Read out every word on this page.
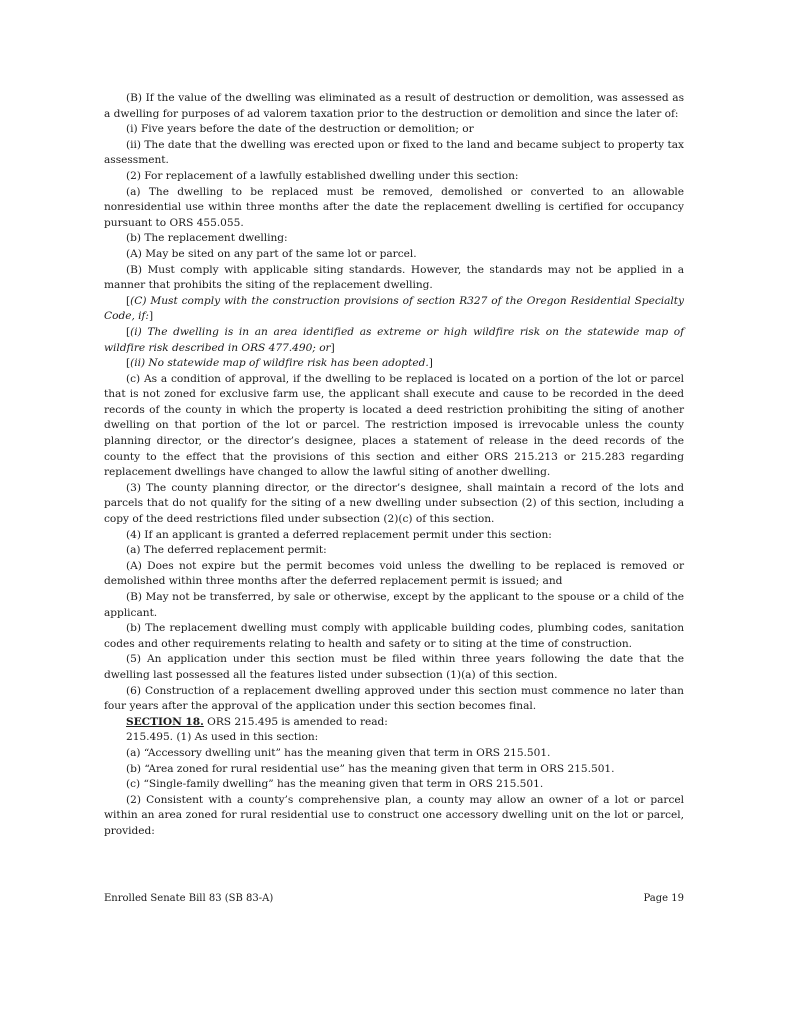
(B) If the value of the dwelling was eliminated as a result of destruction or demolition, was assessed as a dwelling for purposes of ad valorem taxation prior to the destruction or demolition and since the later of:

(i) Five years before the date of the destruction or demolition; or

(ii) The date that the dwelling was erected upon or fixed to the land and became subject to property tax assessment.

(2) For replacement of a lawfully established dwelling under this section:

(a) The dwelling to be replaced must be removed, demolished or converted to an allowable nonresidential use within three months after the date the replacement dwelling is certified for occupancy pursuant to ORS 455.055.

(b) The replacement dwelling:

(A) May be sited on any part of the same lot or parcel.

(B) Must comply with applicable siting standards. However, the standards may not be applied in a manner that prohibits the siting of the replacement dwelling.

[(C) Must comply with the construction provisions of section R327 of the Oregon Residential Specialty Code, if:]

[(i) The dwelling is in an area identified as extreme or high wildfire risk on the statewide map of wildfire risk described in ORS 477.490; or]

[(ii) No statewide map of wildfire risk has been adopted.]

(c) As a condition of approval, if the dwelling to be replaced is located on a portion of the lot or parcel that is not zoned for exclusive farm use, the applicant shall execute and cause to be recorded in the deed records of the county in which the property is located a deed restriction prohibiting the siting of another dwelling on that portion of the lot or parcel. The restriction imposed is irrevocable unless the county planning director, or the director’s designee, places a statement of release in the deed records of the county to the effect that the provisions of this section and either ORS 215.213 or 215.283 regarding replacement dwellings have changed to allow the lawful siting of another dwelling.

(3) The county planning director, or the director’s designee, shall maintain a record of the lots and parcels that do not qualify for the siting of a new dwelling under subsection (2) of this section, including a copy of the deed restrictions filed under subsection (2)(c) of this section.

(4) If an applicant is granted a deferred replacement permit under this section:

(a) The deferred replacement permit:

(A) Does not expire but the permit becomes void unless the dwelling to be replaced is removed or demolished within three months after the deferred replacement permit is issued; and

(B) May not be transferred, by sale or otherwise, except by the applicant to the spouse or a child of the applicant.

(b) The replacement dwelling must comply with applicable building codes, plumbing codes, sanitation codes and other requirements relating to health and safety or to siting at the time of construction.

(5) An application under this section must be filed within three years following the date that the dwelling last possessed all the features listed under subsection (1)(a) of this section.

(6) Construction of a replacement dwelling approved under this section must commence no later than four years after the approval of the application under this section becomes final.

SECTION 18. ORS 215.495 is amended to read:

215.495. (1) As used in this section:

(a) “Accessory dwelling unit” has the meaning given that term in ORS 215.501.

(b) “Area zoned for rural residential use” has the meaning given that term in ORS 215.501.

(c) “Single-family dwelling” has the meaning given that term in ORS 215.501.

(2) Consistent with a county’s comprehensive plan, a county may allow an owner of a lot or parcel within an area zoned for rural residential use to construct one accessory dwelling unit on the lot or parcel, provided:

Enrolled Senate Bill 83 (SB 83-A)	Page 19
